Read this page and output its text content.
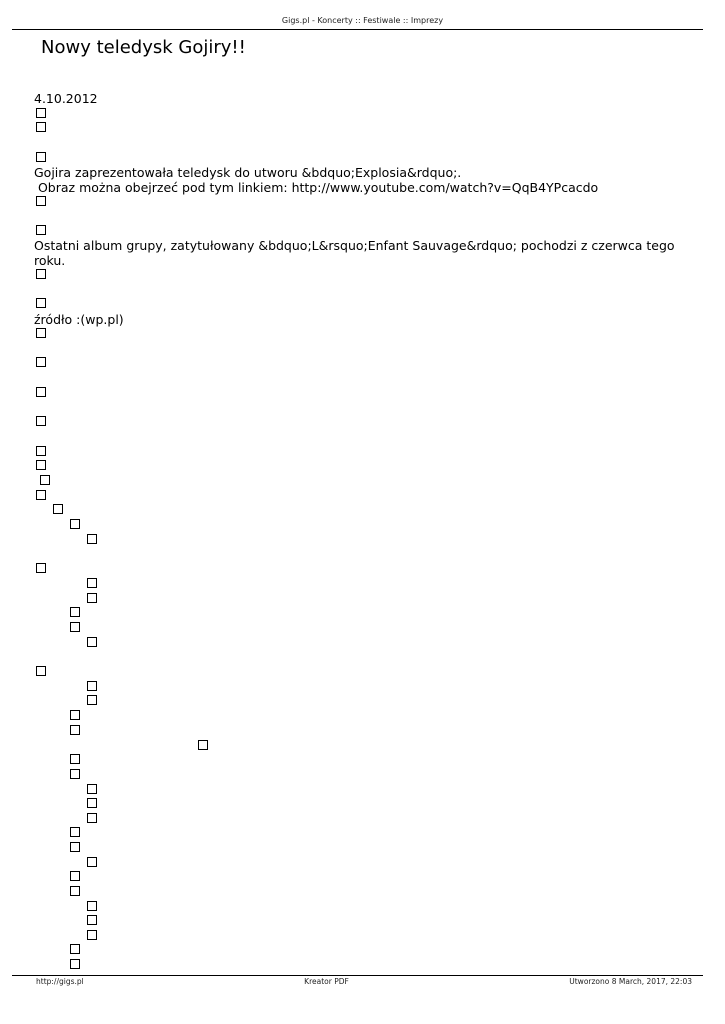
Gigs.pl - Koncerty :: Festiwale :: Imprezy
Nowy teledysk Gojiry!!

4.10.2012

Gojira zaprezentowała teledysk do utworu &bdquo;Explosia&rdquo;.

Obraz można obejrzeć pod tym linkiem: http://www.youtube.com/watch?v=QqB4YPcacdo

Ostatni album grupy, zatytułowany &bdquo;L&rsquo;Enfant Sauvage&rdquo; pochodzi z czerwca tego

roku.

źródło :(wp.pl)

http://gigs.pl	Kreator PDF	Utworzono 8 March, 2017, 22:03
